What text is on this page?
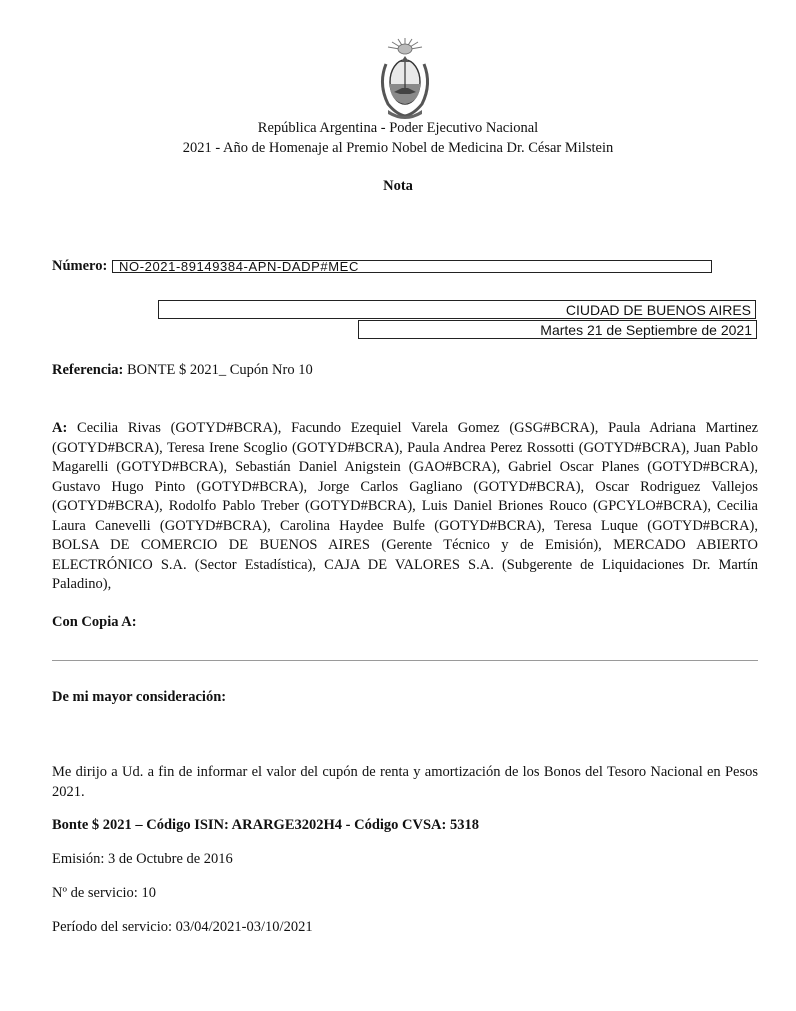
República Argentina - Poder Ejecutivo Nacional
2021 - Año de Homenaje al Premio Nobel de Medicina Dr. César Milstein
Nota
Número: NO-2021-89149384-APN-DADP#MEC
CIUDAD DE BUENOS AIRES
Martes 21 de Septiembre de 2021
Referencia: BONTE $ 2021_ Cupón Nro 10
A: Cecilia Rivas (GOTYD#BCRA), Facundo Ezequiel Varela Gomez (GSG#BCRA), Paula Adriana Martinez (GOTYD#BCRA), Teresa Irene Scoglio (GOTYD#BCRA), Paula Andrea Perez Rossotti (GOTYD#BCRA), Juan Pablo Magarelli (GOTYD#BCRA), Sebastián Daniel Anigstein (GAO#BCRA), Gabriel Oscar Planes (GOTYD#BCRA), Gustavo Hugo Pinto (GOTYD#BCRA), Jorge Carlos Gagliano (GOTYD#BCRA), Oscar Rodriguez Vallejos (GOTYD#BCRA), Rodolfo Pablo Treber (GOTYD#BCRA), Luis Daniel Briones Rouco (GPCYLO#BCRA), Cecilia Laura Canevelli (GOTYD#BCRA), Carolina Haydee Bulfe (GOTYD#BCRA), Teresa Luque (GOTYD#BCRA), BOLSA DE COMERCIO DE BUENOS AIRES (Gerente Técnico y de Emisión), MERCADO ABIERTO ELECTRÓNICO S.A. (Sector Estadística), CAJA DE VALORES S.A. (Subgerente de Liquidaciones Dr. Martín Paladino),
Con Copia A:
De mi mayor consideración:
Me dirijo a Ud. a fin de informar el valor del cupón de renta y amortización de los Bonos del Tesoro Nacional en Pesos 2021.
Bonte $ 2021 – Código ISIN: ARARGE3202H4 - Código CVSA: 5318
Emisión: 3 de Octubre de 2016
Nº de servicio: 10
Período del servicio: 03/04/2021-03/10/2021
